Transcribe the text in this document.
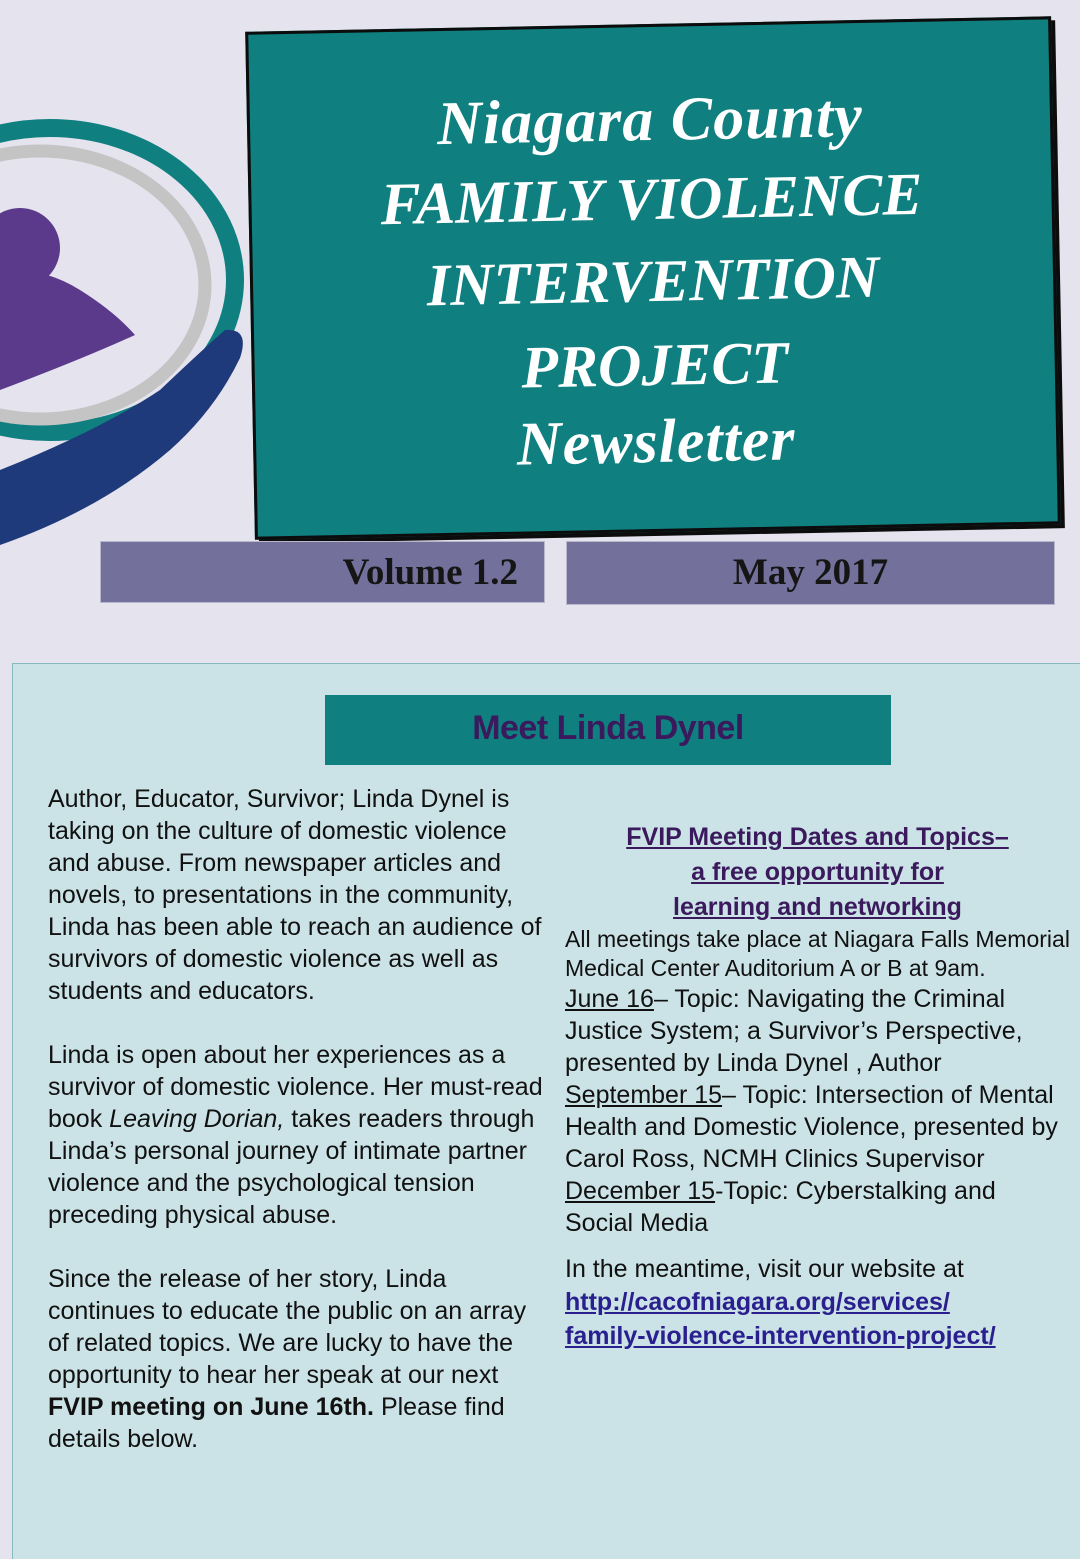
Niagara County
FAMILY VIOLENCE
INTERVENTION
PROJECT
Newsletter
Volume 1.2	May 2017
Meet Linda Dynel

Author, Educator, Survivor; Linda Dynel is taking on the culture of domestic violence and abuse. From newspaper articles and novels, to presentations in the community, Linda has been able to reach an audience of survivors of domestic violence as well as students and educators.

Linda is open about her experiences as a survivor of domestic violence. Her must-read book Leaving Dorian, takes readers through Linda’s personal journey of intimate partner violence and the psychological tension preceding physical abuse.

Since the release of her story, Linda continues to educate the public on an array of related topics. We are lucky to have the opportunity to hear her speak at our next FVIP meeting on June 16th. Please find details below.

FVIP Meeting Dates and Topics–
a free opportunity for
learning and networking

All meetings take place at Niagara Falls Memorial Medical Center Auditorium A or B at 9am.

June 16– Topic: Navigating the Criminal Justice System; a Survivor’s Perspective, presented by Linda Dynel , Author

September 15– Topic: Intersection of Mental Health and Domestic Violence, presented by Carol Ross, NCMH Clinics Supervisor

December 15-Topic: Cyberstalking and Social Media

In the meantime, visit our website at

http://cacofniagara.org/services/
family-violence-intervention-project/
